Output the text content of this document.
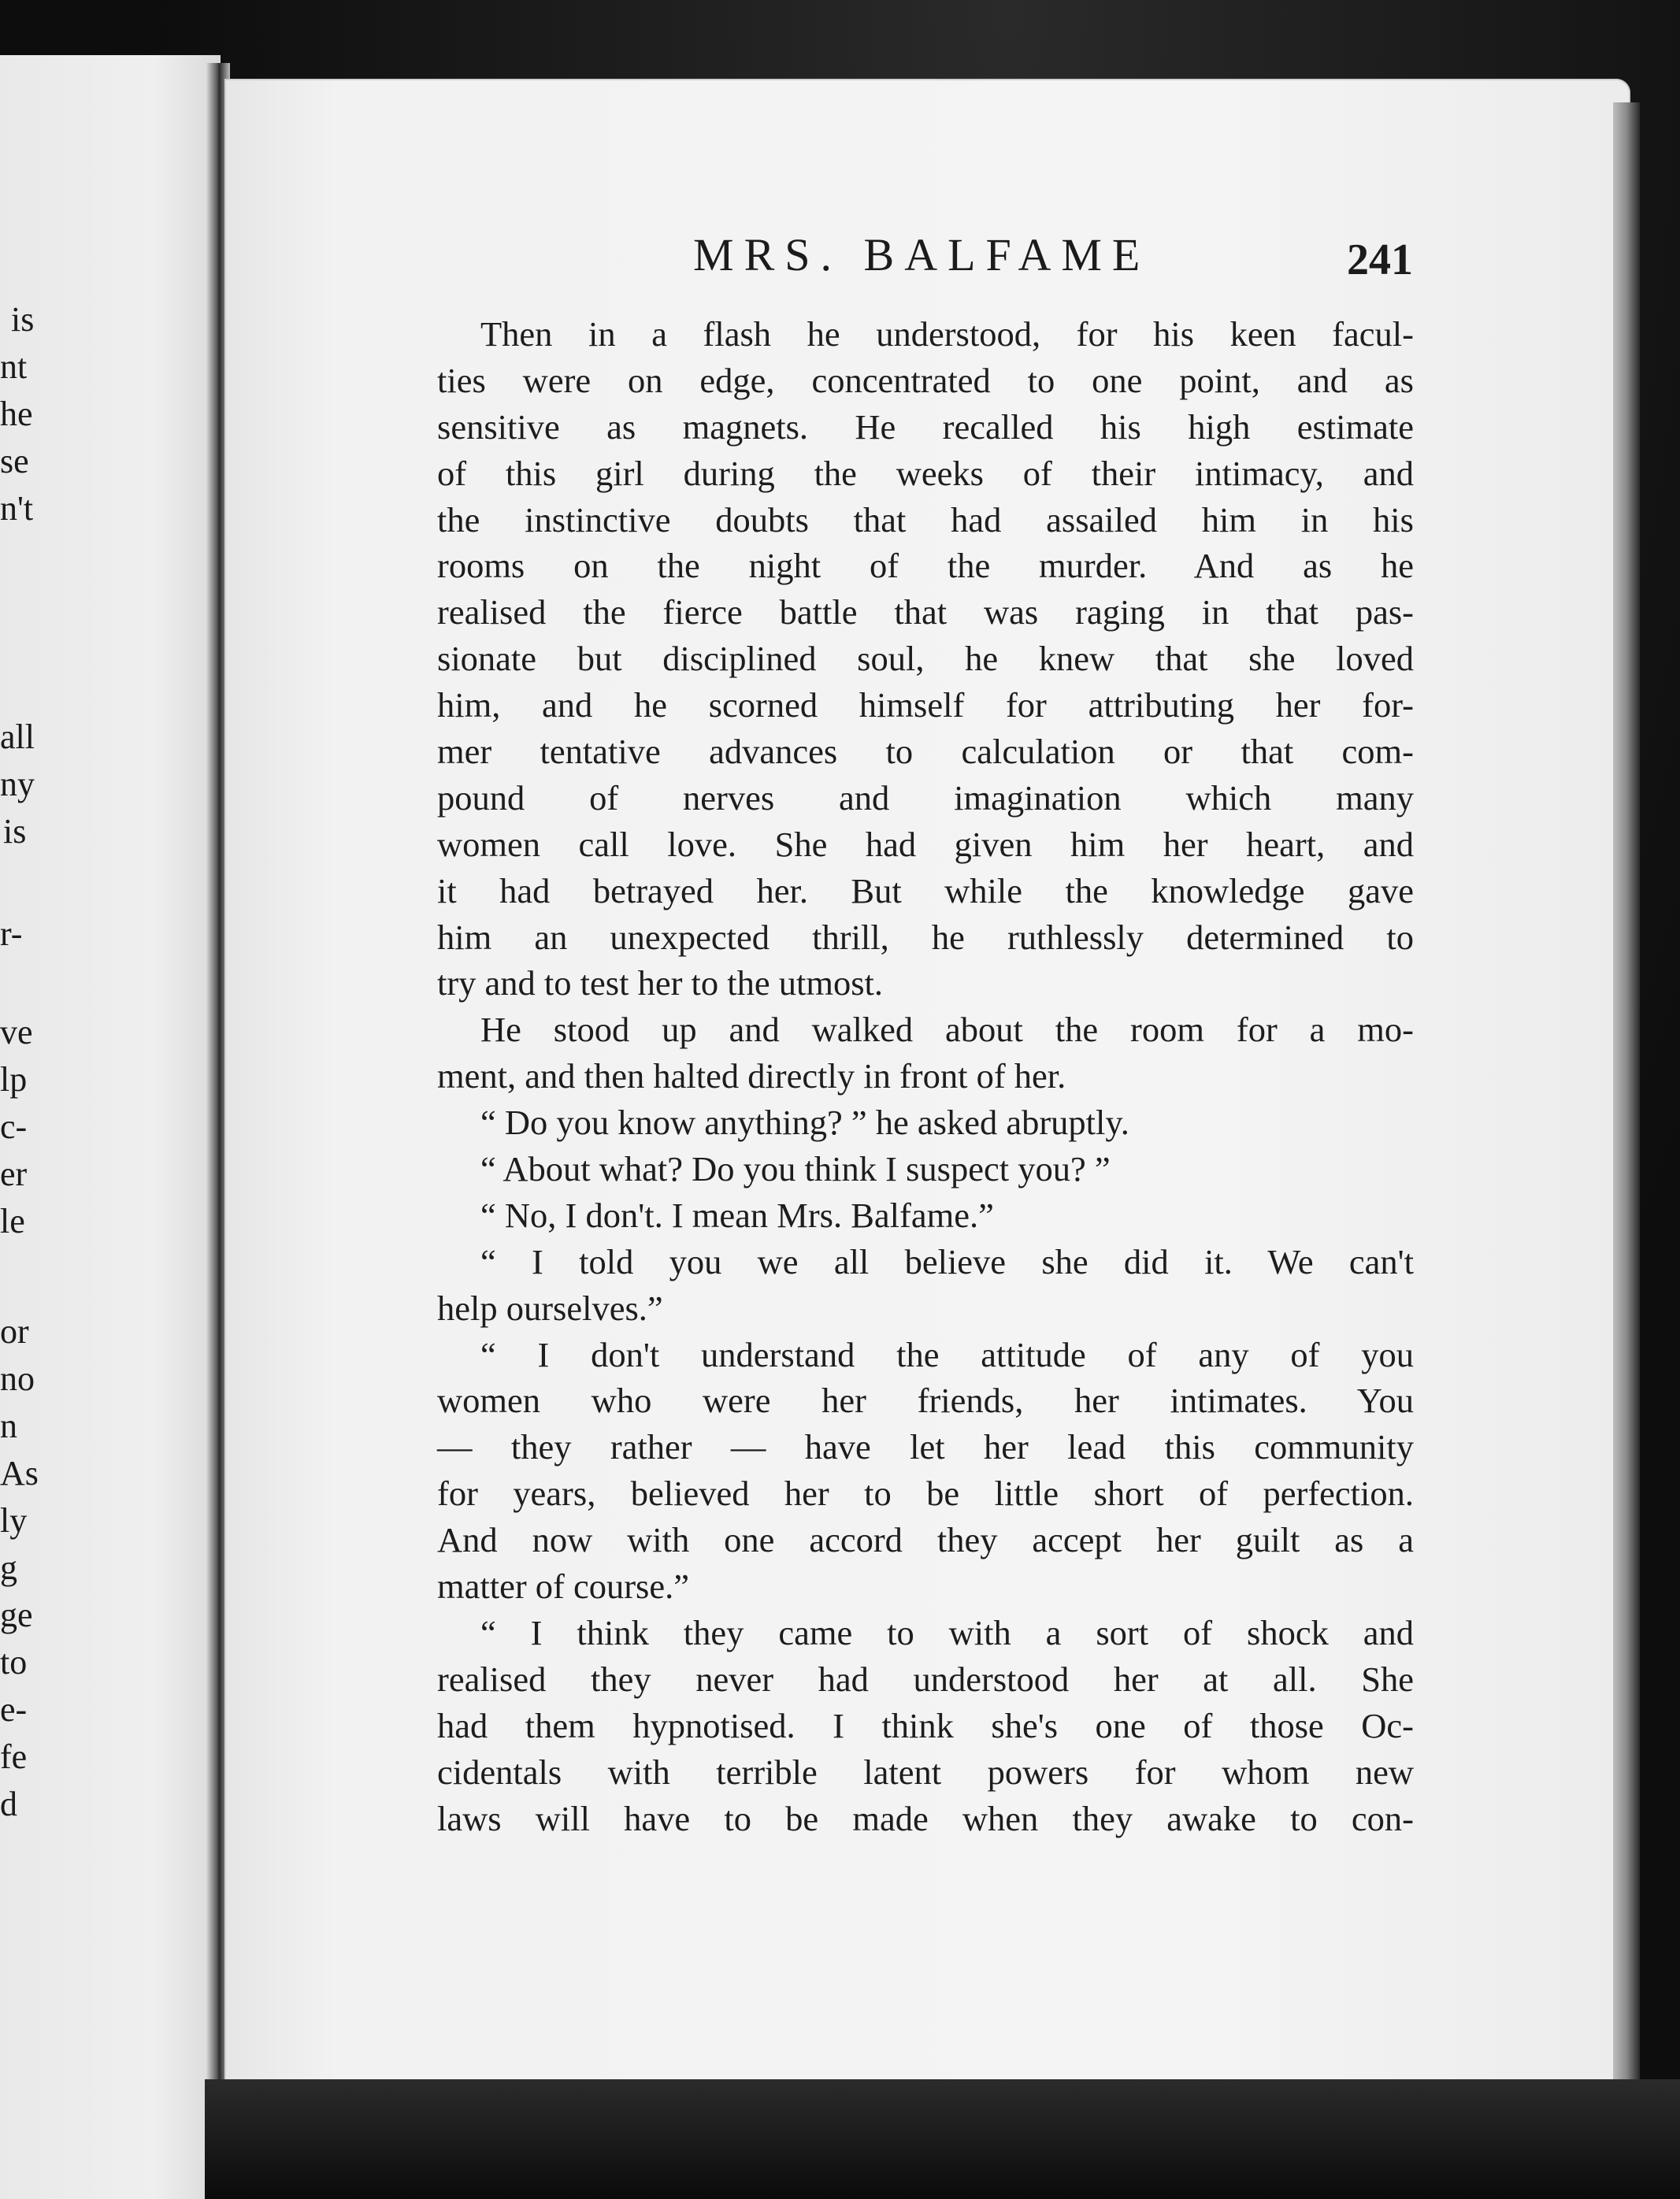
is
nt
he
se
n't
all
ny
is
r-
ve
lp
c-
er
le
or
no
n
As
ly
g
ge
to
e-
fe
d
MRS. BALFAME	241
Then in a flash he understood, for his keen facul-
ties were on edge, concentrated to one point, and as
sensitive as magnets. He recalled his high estimate
of this girl during the weeks of their intimacy, and
the instinctive doubts that had assailed him in his
rooms on the night of the murder. And as he
realised the fierce battle that was raging in that pas-
sionate but disciplined soul, he knew that she loved
him, and he scorned himself for attributing her for-
mer tentative advances to calculation or that com-
pound of nerves and imagination which many
women call love. She had given him her heart, and
it had betrayed her. But while the knowledge gave
him an unexpected thrill, he ruthlessly determined to
try and to test her to the utmost.
He stood up and walked about the room for a mo-
ment, and then halted directly in front of her.
“ Do you know anything? ” he asked abruptly.
“ About what? Do you think I suspect you? ”
“ No, I don't. I mean Mrs. Balfame.”
“ I told you we all believe she did it. We can't
help ourselves.”
“ I don't understand the attitude of any of you
women who were her friends, her intimates. You
— they rather — have let her lead this community
for years, believed her to be little short of perfection.
And now with one accord they accept her guilt as a
matter of course.”
“ I think they came to with a sort of shock and
realised they never had understood her at all. She
had them hypnotised. I think she's one of those Oc-
cidentals with terrible latent powers for whom new
laws will have to be made when they awake to con-
